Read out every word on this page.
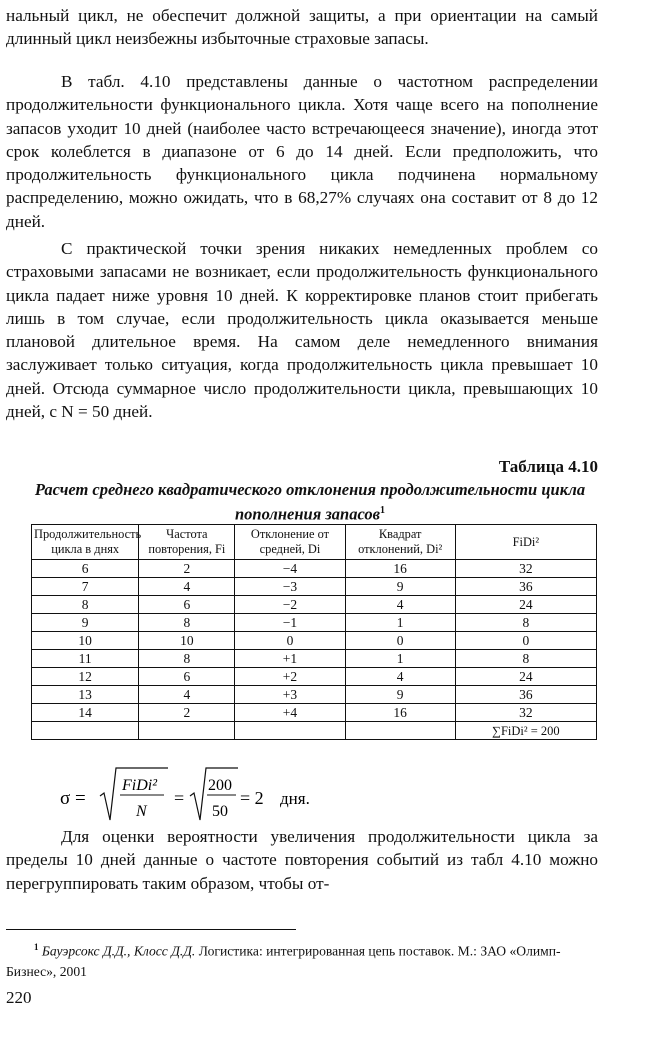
нальный цикл, не обеспечит должной защиты, а при ориентации на самый длинный цикл неизбежны избыточные страховые запасы.

В табл. 4.10 представлены данные о частотном распределении продолжительности функционального цикла. Хотя чаще всего на пополнение запасов уходит 10 дней (наиболее часто встречающееся значение), иногда этот срок колеблется в диапазоне от 6 до 14 дней. Если предположить, что продолжительность функционального цикла подчинена нормальному распределению, можно ожидать, что в 68,27% случаях она составит от 8 до 12 дней.

С практической точки зрения никаких немедленных проблем со страховыми запасами не возникает, если продолжительность функционального цикла падает ниже уровня 10 дней. К корректировке планов стоит прибегать лишь в том случае, если продолжительность цикла оказывается меньше плановой длительное время. На самом деле немедленного внимания заслуживает только ситуация, когда продолжительность цикла превышает 10 дней. Отсюда суммарное число продолжительности цикла, превышающих 10 дней, с N = 50 дней.

Таблица 4.10
Расчет среднего квадратического отклонения продолжительности цикла пополнения запасов$^1$
Продолжительность цикла в днях	Частота повторения, Fi	Отклонение от средней, Di	Квадрат отклонений, Di²	FiDi²
6	2	−4	16	32
7	4	−3	9	36
8	6	−2	4	24
9	8	−1	1	8
10	10	0	0	0
11	8	+1	1	8
12	6	+2	4	24
13	4	+3	9	36
14	2	+4	16	32
				∑FiDi² = 200
σ =
FiDi²
N
=
200
50
= 2 дня.

Для оценки вероятности увеличения продолжительности цикла за пределы 10 дней данные о частоте повторения событий из табл 4.10 можно перегруппировать таким образом, чтобы от-

$^1$ Бауэрсокс Д.Д., Клосс Д.Д. Логистика: интегрированная цепь поставок. М.: ЗАО «Олимп-Бизнес», 2001
220
